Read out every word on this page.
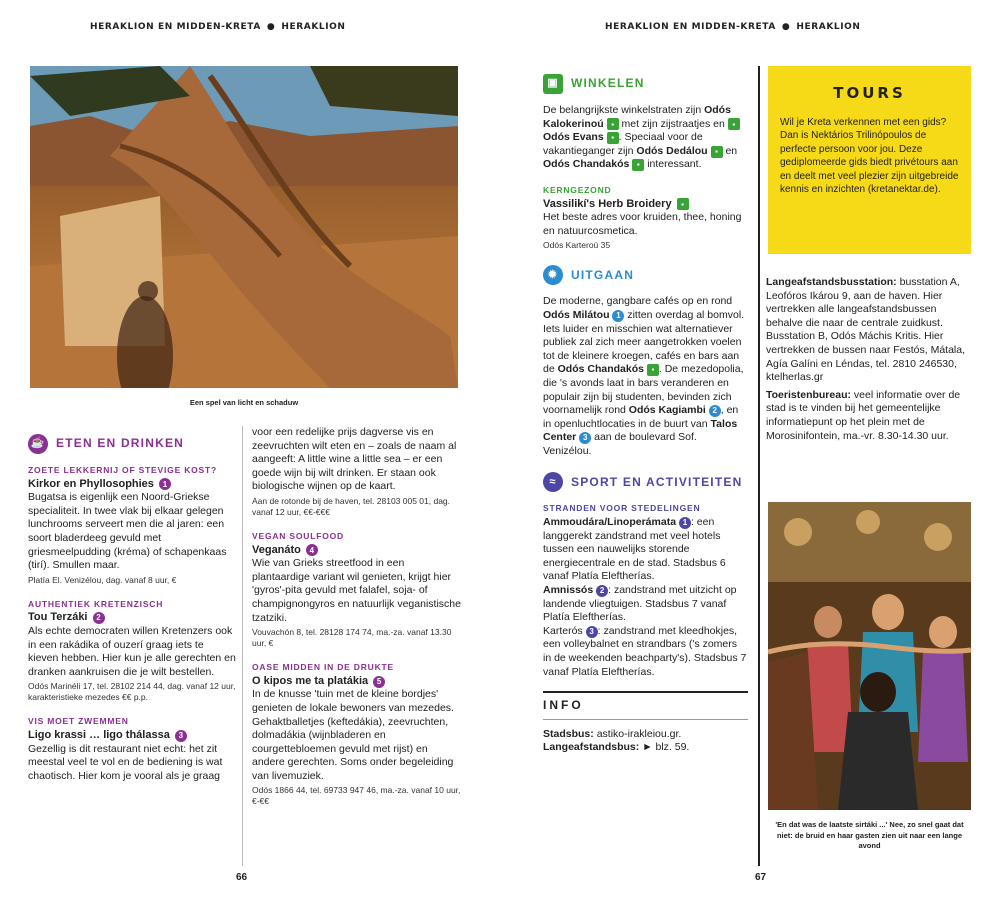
HERAKLION EN MIDDEN-KRETA ● HERAKLION
Een spel van licht en schaduw
☕ ETEN EN DRINKEN
ZOETE LEKKERNIJ OF STEVIGE KOST?
Kirkor en Phyllosophies	1

Bugatsa is eigenlijk een Noord-Griekse specialiteit. In twee vlak bij elkaar gelegen lunchrooms serveert men die al jaren: een soort bladerdeeg gevuld met griesmeelpudding (kréma) of schapenkaas (tirí). Smullen maar.

Platía El. Venizélou, dag. vanaf 8 uur, €
AUTHENTIEK KRETENZISCH
Tou Terzáki	2

Als echte democraten willen Kretenzers ook in een rakádika of ouzerí graag iets te kieven hebben. Hier kun je alle gerechten en dranken aankruisen die je wilt bestellen.

Odós Marinéli 17, tel. 28102 214 44, dag. vanaf 12 uur, karakteristieke mezedes €€ p.p.
VIS MOET ZWEMMEN
Ligo krassi … ligo thálassa	3

Gezellig is dit restaurant niet echt: het zit meestal veel te vol en de bediening is wat chaotisch. Hier kom je vooral als je graag

voor een redelijke prijs dagverse vis en zeevruchten wilt eten en – zoals de naam al aangeeft: A little wine a little sea – er een goede wijn bij wilt drinken. Er staan ook biologische wijnen op de kaart.

Aan de rotonde bij de haven, tel. 28103 005 01, dag. vanaf 12 uur, €€-€€€
VEGAN SOULFOOD
Veganáto	4

Wie van Grieks streetfood in een plantaardige variant wil genieten, krijgt hier 'gyros'-pita gevuld met falafel, soja- of champignongyros en natuurlijk veganistische tzatziki.

Vouvachón 8, tel. 28128 174 74, ma.-za. vanaf 13.30 uur, €
OASE MIDDEN IN DE DRUKTE
O kipos me ta platákia	5

In de knusse 'tuin met de kleine bordjes' genieten de lokale bewoners van mezedes. Gehaktballetjes (keftedákia), zeevruchten, dolmadákia (wijnbladeren en courgettebloemen gevuld met rijst) en andere gerechten. Soms onder begeleiding van livemuziek.

Odós 1866 44, tel. 69733 947 46, ma.-za. vanaf 10 uur, €-€€
66
HERAKLION EN MIDDEN-KRETA ● HERAKLION
▣	WINKELEN

De belangrijkste winkelstraten zijn Odós Kalokerinoú ▪ met zijn zijstraatjes en ▪ Odós Evans ▪ . Speciaal voor de vakantieganger zijn Odós Dedálou ▪ en Odós Chandakós ▪ interessant.

KERNGEZOND
Vassilikí's Herb Broidery	▪

Het beste adres voor kruiden, thee, honing en natuurcosmetica.

Odós Karteroú 35
✹	UITGAAN

De moderne, gangbare cafés op en rond Odós Milátou 1 zitten overdag al bomvol. Iets luider en misschien wat alternatiever publiek zal zich meer aangetrokken voelen tot de kleinere kroegen, cafés en bars aan de Odós Chandakós ▪ . De mezedopolia, die 's avonds laat in bars veranderen en populair zijn bij studenten, bevinden zich voornamelijk rond Odós Kagiambi 2 , en in openluchtlocaties in de buurt van Talos Center 3 aan de boulevard Sof. Venizélou.

≈	SPORT EN ACTIVITEITEN
STRANDEN VOOR STEDELINGEN

Ammoudára/Linoperámata 1 : een langgerekt zandstrand met veel hotels tussen een nauwelijks storende energiecentrale en de stad. Stadsbus 6 vanaf Platía Eleftherías.

Amnissós 2 : zandstrand met uitzicht op landende vliegtuigen. Stadsbus 7 vanaf Platía Eleftherías.

Karterós 3 : zandstrand met kleedhokjes, een volleybalnet en strandbars ('s zomers in de weekenden beachparty's). Stadsbus 7 vanaf Platía Eleftherías.

INFO

Stadsbus: astiko-irakleiou.gr.

Langeafstandsbus: ► blz. 59.

TOURS

Wil je Kreta verkennen met een gids? Dan is Nektários Trilinópoulos de perfecte persoon voor jou. Deze gediplomeerde gids biedt privétours aan en deelt met veel plezier zijn uitgebreide kennis en inzichten (kretanektar.de).

Langeafstandsbusstation: busstation A, Leofóros Ikárou 9, aan de haven. Hier vertrekken alle langeafstandsbussen behalve die naar de centrale zuidkust. Busstation B, Odós Máchis Kritis. Hier vertrekken de bussen naar Festós, Mátala, Agía Galíni en Léndas, tel. 2810 246530, ktelherlas.gr

Toeristenbureau: veel informatie over de stad is te vinden bij het gemeentelijke informatiepunt op het plein met de Morosinifontein, ma.-vr. 8.30-14.30 uur.

'En dat was de laatste sirtáki ...' Nee, zo snel gaat dat niet: de bruid en haar gasten zien uit naar een lange avond
67
